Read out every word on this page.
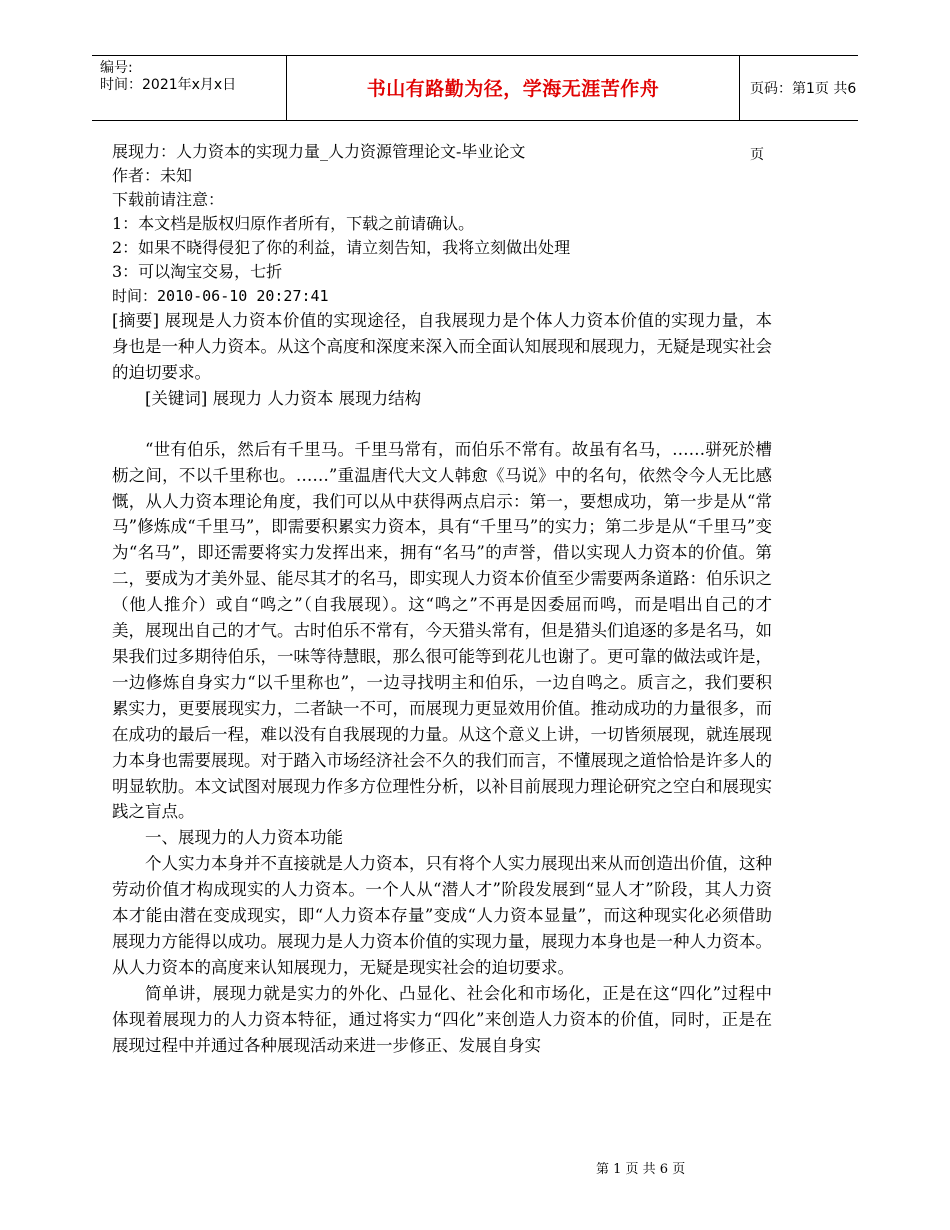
编号:
时间：2021年x月x日	书山有路勤为径，学海无涯苦作舟	页码：第1页 共6页

展现力：人力资本的实现力量_人力资源管理论文-毕业论文

作者：未知

下载前请注意：

1：本文档是版权归原作者所有，下载之前请确认。

2：如果不晓得侵犯了你的利益，请立刻告知，我将立刻做出处理

3：可以淘宝交易，七折

时间：2010-06-10 20:27:41

[摘要] 展现是人力资本价值的实现途径，自我展现力是个体人力资本价值的实现力量，本身也是一种人力资本。从这个高度和深度来深入而全面认知展现和展现力，无疑是现实社会的迫切要求。

[关键词] 展现力 人力资本 展现力结构

“世有伯乐，然后有千里马。千里马常有，而伯乐不常有。故虽有名马，……骈死於槽枥之间，不以千里称也。……”重温唐代大文人韩愈《马说》中的名句，依然令今人无比感慨，从人力资本理论角度，我们可以从中获得两点启示：第一，要想成功，第一步是从“常马”修炼成“千里马”，即需要积累实力资本，具有“千里马”的实力；第二步是从“千里马”变为“名马”，即还需要将实力发挥出来，拥有“名马”的声誉，借以实现人力资本的价值。第二，要成为才美外显、能尽其才的名马，即实现人力资本价值至少需要两条道路：伯乐识之（他人推介）或自“鸣之”（自我展现）。这“鸣之”不再是因委屈而鸣，而是唱出自己的才美，展现出自己的才气。古时伯乐不常有，今天猎头常有，但是猎头们追逐的多是名马，如果我们过多期待伯乐，一味等待慧眼，那么很可能等到花儿也谢了。更可靠的做法或许是，一边修炼自身实力“以千里称也”，一边寻找明主和伯乐，一边自鸣之。质言之，我们要积累实力，更要展现实力，二者缺一不可，而展现力更显效用价值。推动成功的力量很多，而在成功的最后一程，难以没有自我展现的力量。从这个意义上讲，一切皆须展现，就连展现力本身也需要展现。对于踏入市场经济社会不久的我们而言，不懂展现之道恰恰是许多人的明显软肋。本文试图对展现力作多方位理性分析，以补目前展现力理论研究之空白和展现实践之盲点。

一、展现力的人力资本功能

个人实力本身并不直接就是人力资本，只有将个人实力展现出来从而创造出价值，这种劳动价值才构成现实的人力资本。一个人从“潜人才”阶段发展到“显人才”阶段，其人力资本才能由潜在变成现实，即“人力资本存量”变成“人力资本显量”，而这种现实化必须借助展现力方能得以成功。展现力是人力资本价值的实现力量，展现力本身也是一种人力资本。从人力资本的高度来认知展现力，无疑是现实社会的迫切要求。

简单讲，展现力就是实力的外化、凸显化、社会化和市场化，正是在这“四化”过程中体现着展现力的人力资本特征，通过将实力“四化”来创造人力资本的价值，同时，正是在展现过程中并通过各种展现活动来进一步修正、发展自身实

第 1 页 共 6 页
